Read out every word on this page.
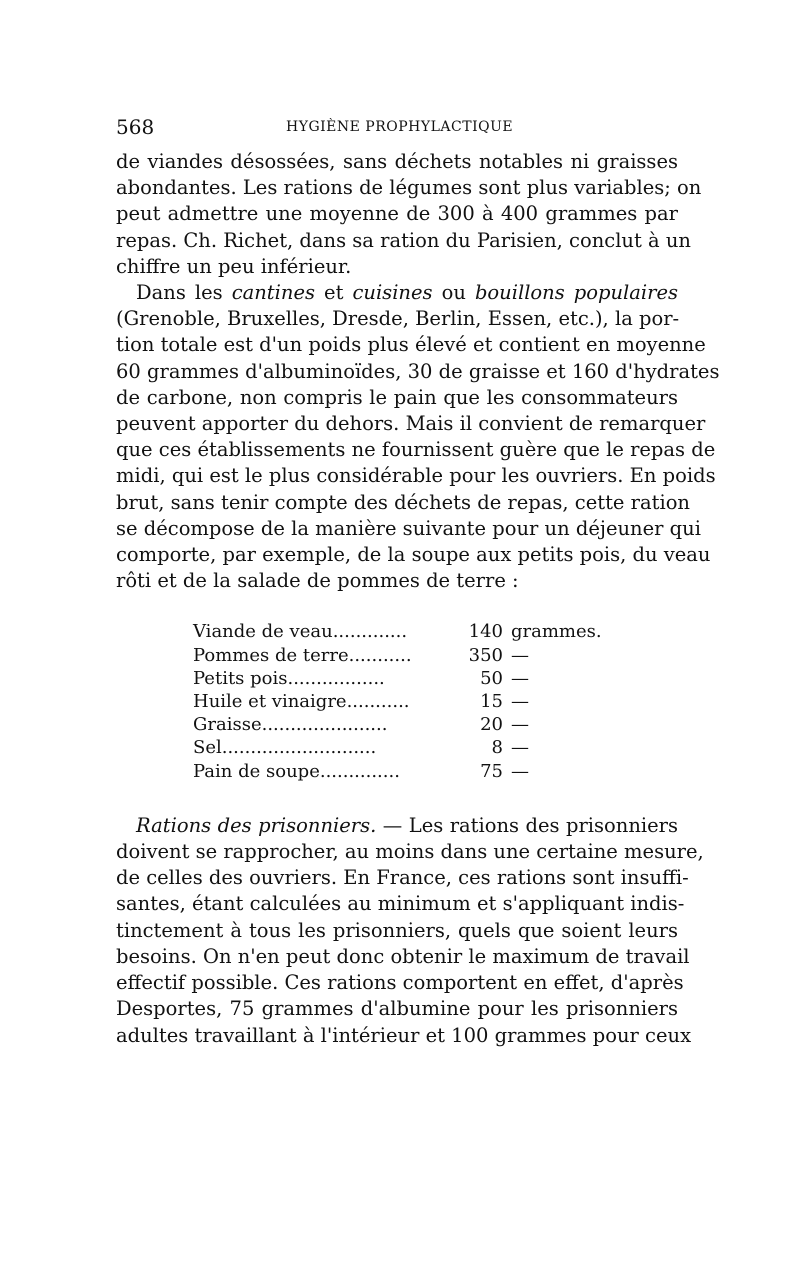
568	HYGIÈNE PROPHYLACTIQUE
de viandes désossées, sans déchets notables ni graisses
abondantes. Les rations de légumes sont plus variables; on
peut admettre une moyenne de 300 à 400 grammes par
repas. Ch. Richet, dans sa ration du Parisien, conclut à un
chiffre un peu inférieur.
Dans les cantines et cuisines ou bouillons populaires
(Grenoble, Bruxelles, Dresde, Berlin, Essen, etc.), la por-
tion totale est d'un poids plus élevé et contient en moyenne
60 grammes d'albuminoïdes, 30 de graisse et 160 d'hydrates
de carbone, non compris le pain que les consommateurs
peuvent apporter du dehors. Mais il convient de remarquer
que ces établissements ne fournissent guère que le repas de
midi, qui est le plus considérable pour les ouvriers. En poids
brut, sans tenir compte des déchets de repas, cette ration
se décompose de la manière suivante pour un déjeuner qui
comporte, par exemple, de la soupe aux petits pois, du veau
rôti et de la salade de pommes de terre :
Viande de veau.............	140	grammes.
Pommes de terre...........	350	—
Petits pois.................	50	—
Huile et vinaigre...........	15	—
Graisse......................	20	—
Sel...........................	8	—
Pain de soupe..............	75	—
Rations des prisonniers. — Les rations des prisonniers
doivent se rapprocher, au moins dans une certaine mesure,
de celles des ouvriers. En France, ces rations sont insuffi-
santes, étant calculées au minimum et s'appliquant indis-
tinctement à tous les prisonniers, quels que soient leurs
besoins. On n'en peut donc obtenir le maximum de travail
effectif possible. Ces rations comportent en effet, d'après
Desportes, 75 grammes d'albumine pour les prisonniers
adultes travaillant à l'intérieur et 100 grammes pour ceux
